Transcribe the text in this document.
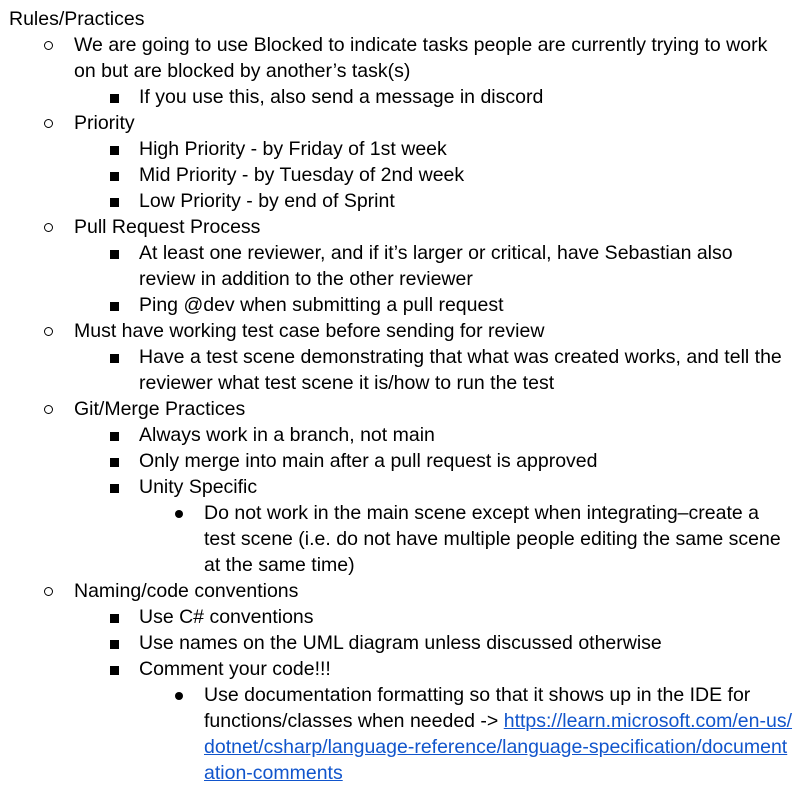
Rules/Practices
We are going to use Blocked to indicate tasks people are currently trying to work on but are blocked by another’s task(s)
If you use this, also send a message in discord
Priority
High Priority - by Friday of 1st week
Mid Priority - by Tuesday of 2nd week
Low Priority - by end of Sprint
Pull Request Process
At least one reviewer, and if it’s larger or critical, have Sebastian also review in addition to the other reviewer
Ping @dev when submitting a pull request
Must have working test case before sending for review
Have a test scene demonstrating that what was created works, and tell the reviewer what test scene it is/how to run the test
Git/Merge Practices
Always work in a branch, not main
Only merge into main after a pull request is approved
Unity Specific
Do not work in the main scene except when integrating–create a test scene (i.e. do not have multiple people editing the same scene at the same time)
Naming/code conventions
Use C# conventions
Use names on the UML diagram unless discussed otherwise
Comment your code!!!
Use documentation formatting so that it shows up in the IDE for functions/classes when needed -> https://learn.microsoft.com/en-us/dotnet/csharp/language-reference/language-specification/documentation-comments
